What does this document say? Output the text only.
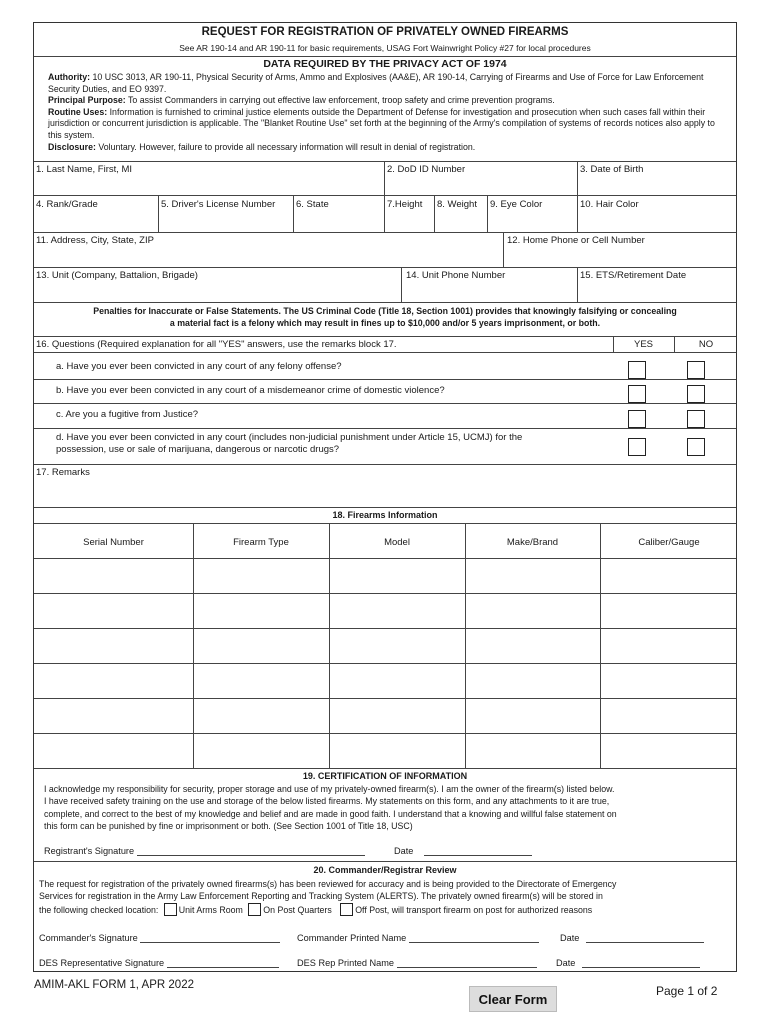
REQUEST FOR REGISTRATION OF PRIVATELY OWNED FIREARMS
See AR 190-14 and AR 190-11 for basic requirements, USAG Fort Wainwright Policy #27 for local procedures
DATA REQUIRED BY THE PRIVACY ACT OF 1974

Authority: 10 USC 3013, AR 190-11, Physical Security of Arms, Ammo and Explosives (AA&E), AR 190-14, Carrying of Firearms and Use of Force for Law Enforcement Security Duties, and EO 9397.

Principal Purpose: To assist Commanders in carrying out effective law enforcement, troop safety and crime prevention programs.

Routine Uses: Information is furnished to criminal justice elements outside the Department of Defense for investigation and prosecution when such cases fall within their jurisdiction or concurrent jurisdiction is applicable. The "Blanket Routine Use" set forth at the beginning of the Army's compilation of systems of records notices also apply to this system.

Disclosure: Voluntary. However, failure to provide all necessary information will result in denial of registration.

1. Last Name, First, MI	2. DoD ID Number	3. Date of Birth
4. Rank/Grade	5. Driver's License Number 6. State	7.Height 8. Weight 9. Eye Color	10. Hair Color
11. Address, City, State, ZIP	12. Home Phone or Cell Number
13. Unit (Company, Battalion, Brigade)	14. Unit Phone Number	15. ETS/Retirement Date
Penalties for Inaccurate or False Statements. The US Criminal Code (Title 18, Section 1001) provides that knowingly falsifying or concealing
a material fact is a felony which may result in fines up to $10,000 and/or 5 years imprisonment, or both.
16. Questions (Required explanation for all "YES" answers, use the remarks block 17.	YES	NO
a. Have you ever been convicted in any court of any felony offense?
b. Have you ever been convicted in any court of a misdemeanor crime of domestic violence?
c. Are you a fugitive from Justice?
d. Have you ever been convicted in any court (includes non-judicial punishment under Article 15, UCMJ) for the
possession, use or sale of marijuana, dangerous or narcotic drugs?
17. Remarks
18. Firearms Information
Serial Number	Firearm Type	Model	Make/Brand	Caliber/Gauge
19. CERTIFICATION OF INFORMATION
I acknowledge my responsibility for security, proper storage and use of my privately-owned firearm(s). I am the owner of the firearm(s) listed below.
I have received safety training on the use and storage of the below listed firearms. My statements on this form, and any attachments to it are true,
complete, and correct to the best of my knowledge and belief and are made in good faith. I understand that a knowing and willful false statement on
this form can be punished by fine or imprisonment or both. (See Section 1001 of Title 18, USC)
Registrant's Signature	Date
20. Commander/Registrar Review
The request for registration of the privately owned firearms(s) has been reviewed for accuracy and is being provided to the Directorate of Emergency
Services for registration in the Army Law Enforcement Reporting and Tracking System (ALERTS). The privately owned firearm(s) will be stored in
the following checked location: Unit Arms Room On Post Quarters	Off Post, will transport firearm on post for authorized reasons
Commander's Signature	Commander Printed Name	Date
DES Representative Signature	DES Rep Printed Name	Date
AMIM-AKL FORM 1, APR 2022
Clear Form
Page 1 of 2
